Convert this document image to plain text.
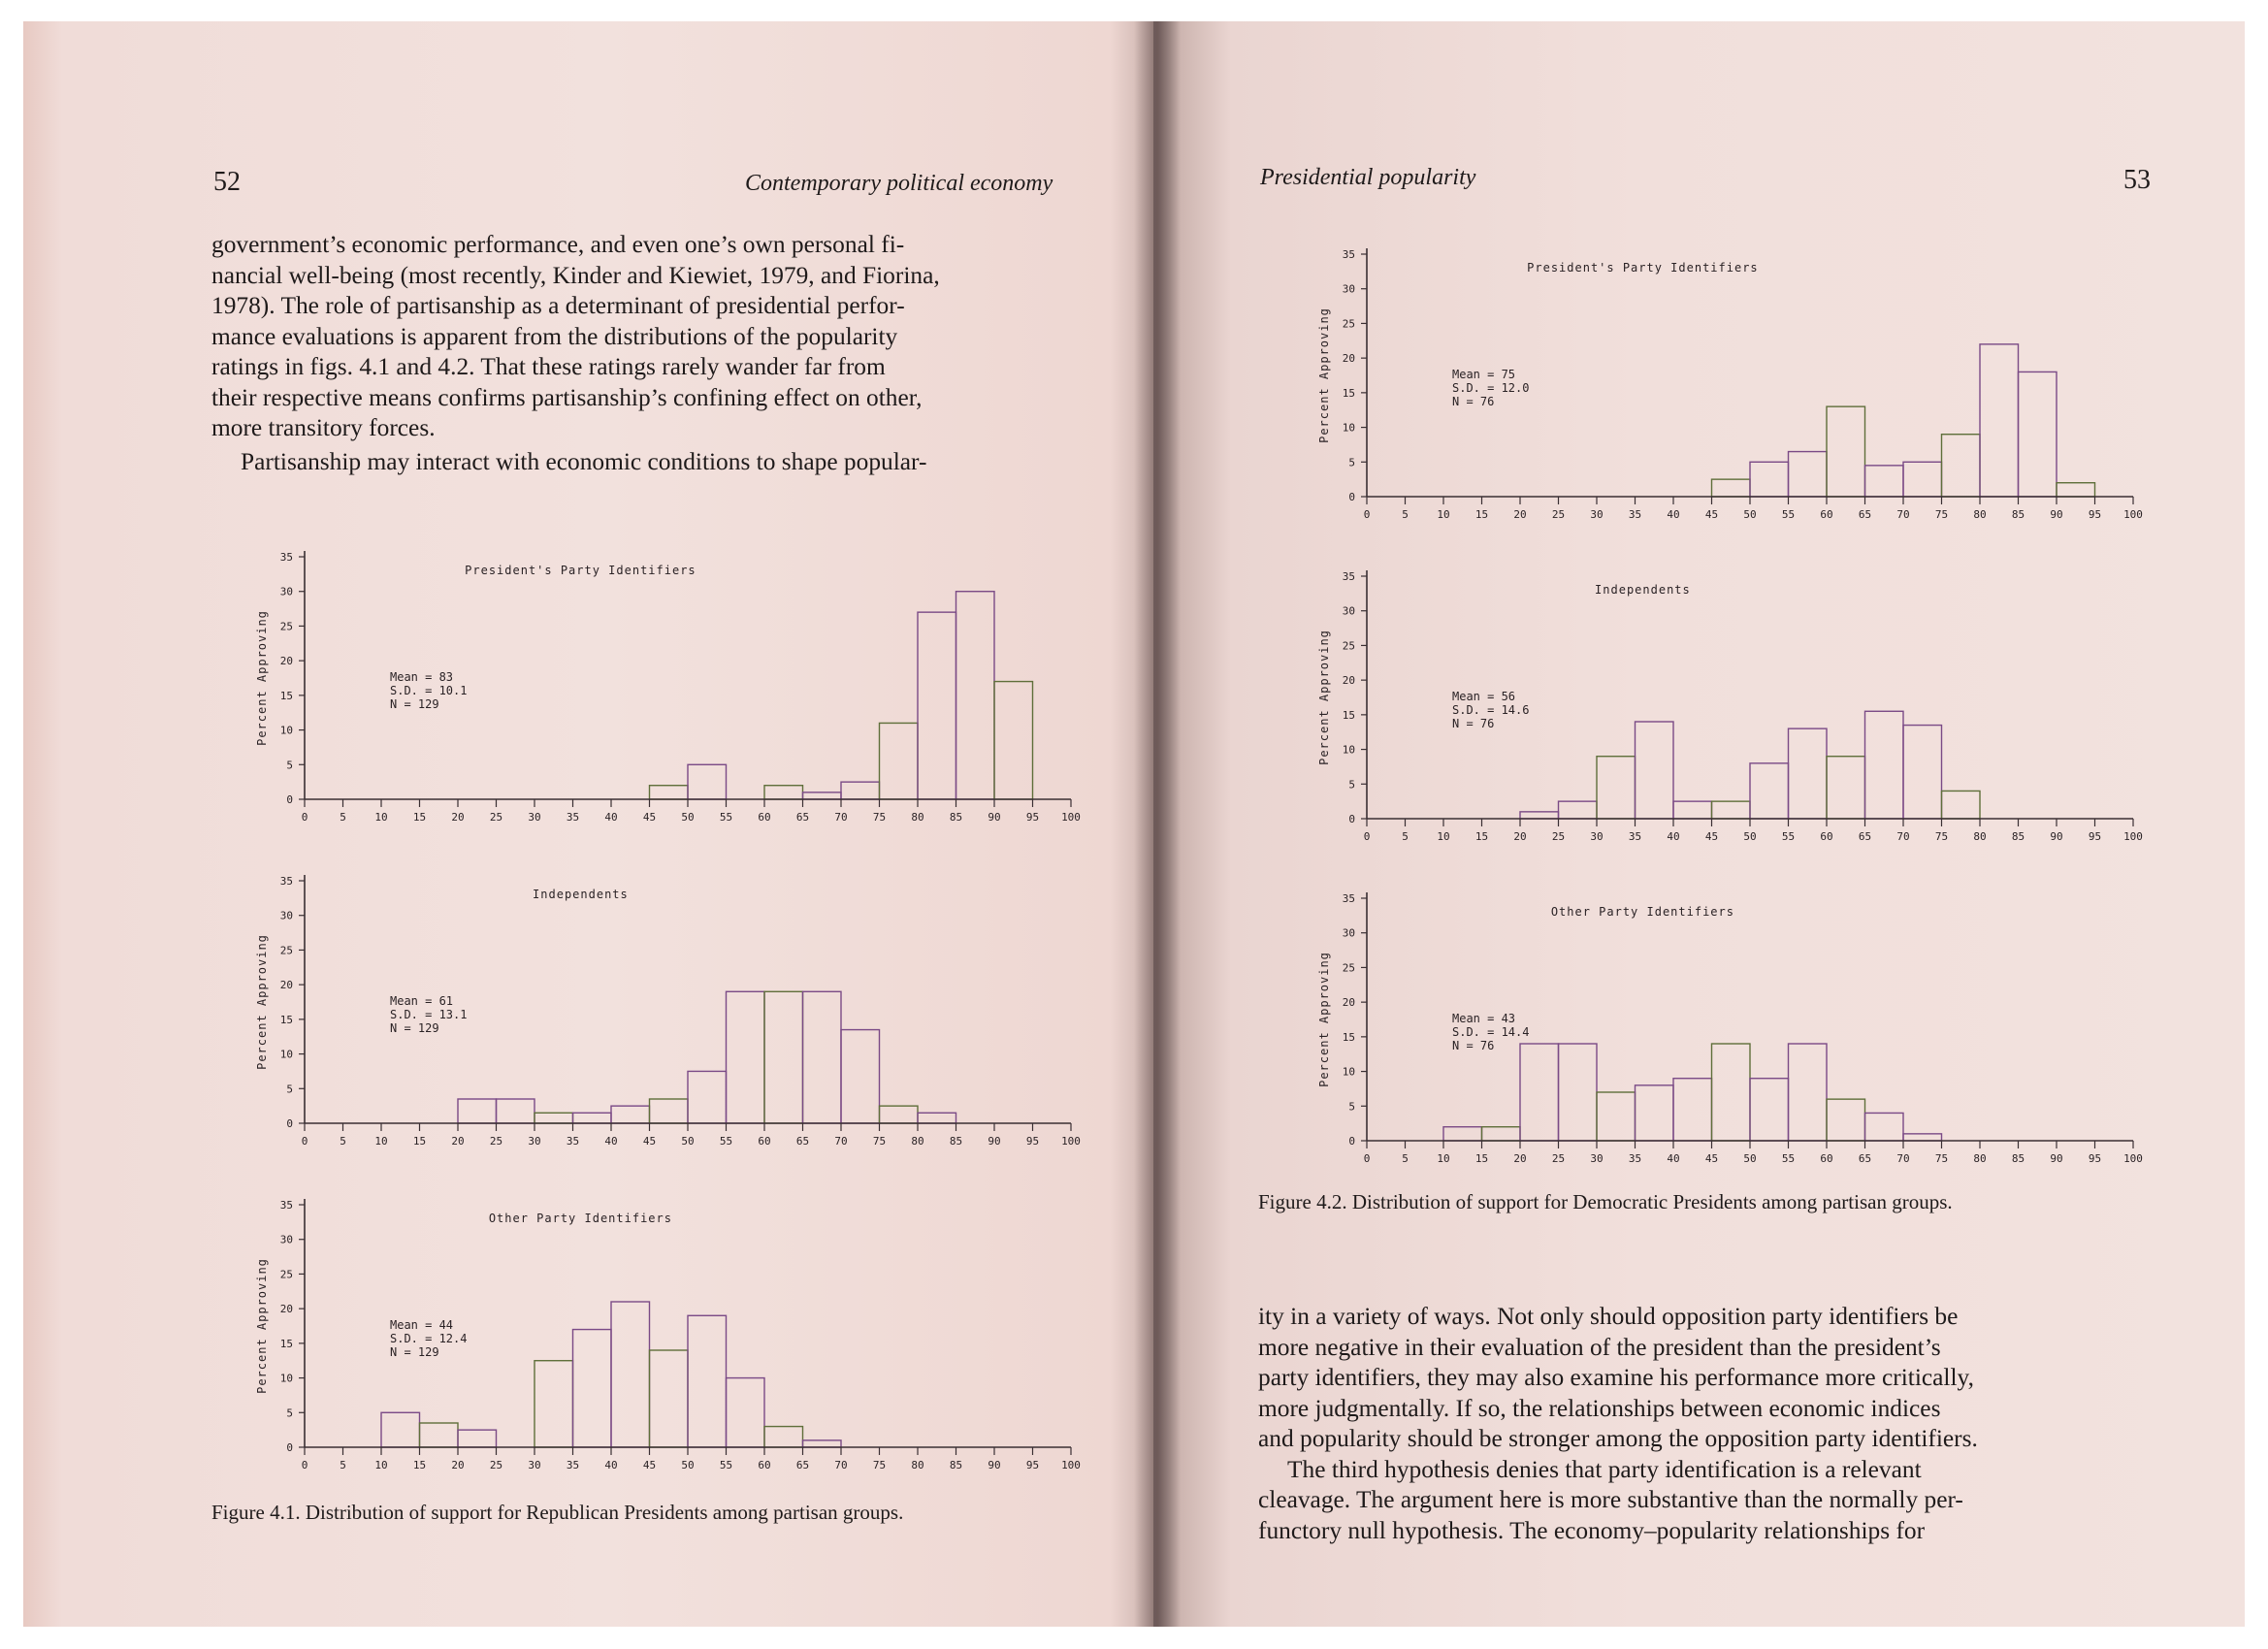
52	Contemporary political economy

government’s economic performance, and even one’s own personal fi-

nancial well-being (most recently, Kinder and Kiewiet, 1979, and Fiorina,

1978). The role of partisanship as a determinant of presidential perfor-

mance evaluations is apparent from the distributions of the popularity

ratings in figs. 4.1 and 4.2. That these ratings rarely wander far from

their respective means confirms partisanship’s confining effect on other,

more transitory forces.

Partisanship may interact with economic conditions to shape popular-

0
5
10
15
20
25
30
35
0	5	10 15 20 25 30 35 40 45 50 55 60 65 70 75 80 85 90 95 100
Percent Approving
President's Party Identifiers
Mean = 83
S.D. = 10.1
N = 129
0
5
10
15
20
25
30
35
0	5	10 15 20 25 30 35 40 45 50 55 60 65 70 75 80 85 90 95 100
Percent Approving
Independents
Mean = 61
S.D. = 13.1
N = 129
0
5
10
15
20
25
30
35
0	5	10 15 20 25 30 35 40 45 50 55 60 65 70 75 80 85 90 95 100
Percent Approving
Other Party Identifiers
Mean = 44
S.D. = 12.4
N = 129
Figure 4.1. Distribution of support for Republican Presidents among partisan groups.
Presidential popularity	53
0
5
10
15
20
25
30
35
0	5	10 15 20 25 30 35 40 45 50 55 60 65 70 75 80 85 90 95 100
Percent Approving
President's Party Identifiers
Mean = 75
S.D. = 12.0
N = 76
0
5
10
15
20
25
30
35
0	5	10 15 20 25 30 35 40 45 50 55 60 65 70 75 80 85 90 95 100
Percent Approving
Independents
Mean = 56
S.D. = 14.6
N = 76
0
5
10
15
20
25
30
35
0	5	10 15 20 25 30 35 40 45 50 55 60 65 70 75 80 85 90 95 100
Percent Approving
Other Party Identifiers
Mean = 43
S.D. = 14.4
N = 76
Figure 4.2. Distribution of support for Democratic Presidents among partisan groups.

ity in a variety of ways. Not only should opposition party identifiers be

more negative in their evaluation of the president than the president’s

party identifiers, they may also examine his performance more critically,

more judgmentally. If so, the relationships between economic indices

and popularity should be stronger among the opposition party identifiers.

The third hypothesis denies that party identification is a relevant

cleavage. The argument here is more substantive than the normally per-

functory null hypothesis. The economy–popularity relationships for
